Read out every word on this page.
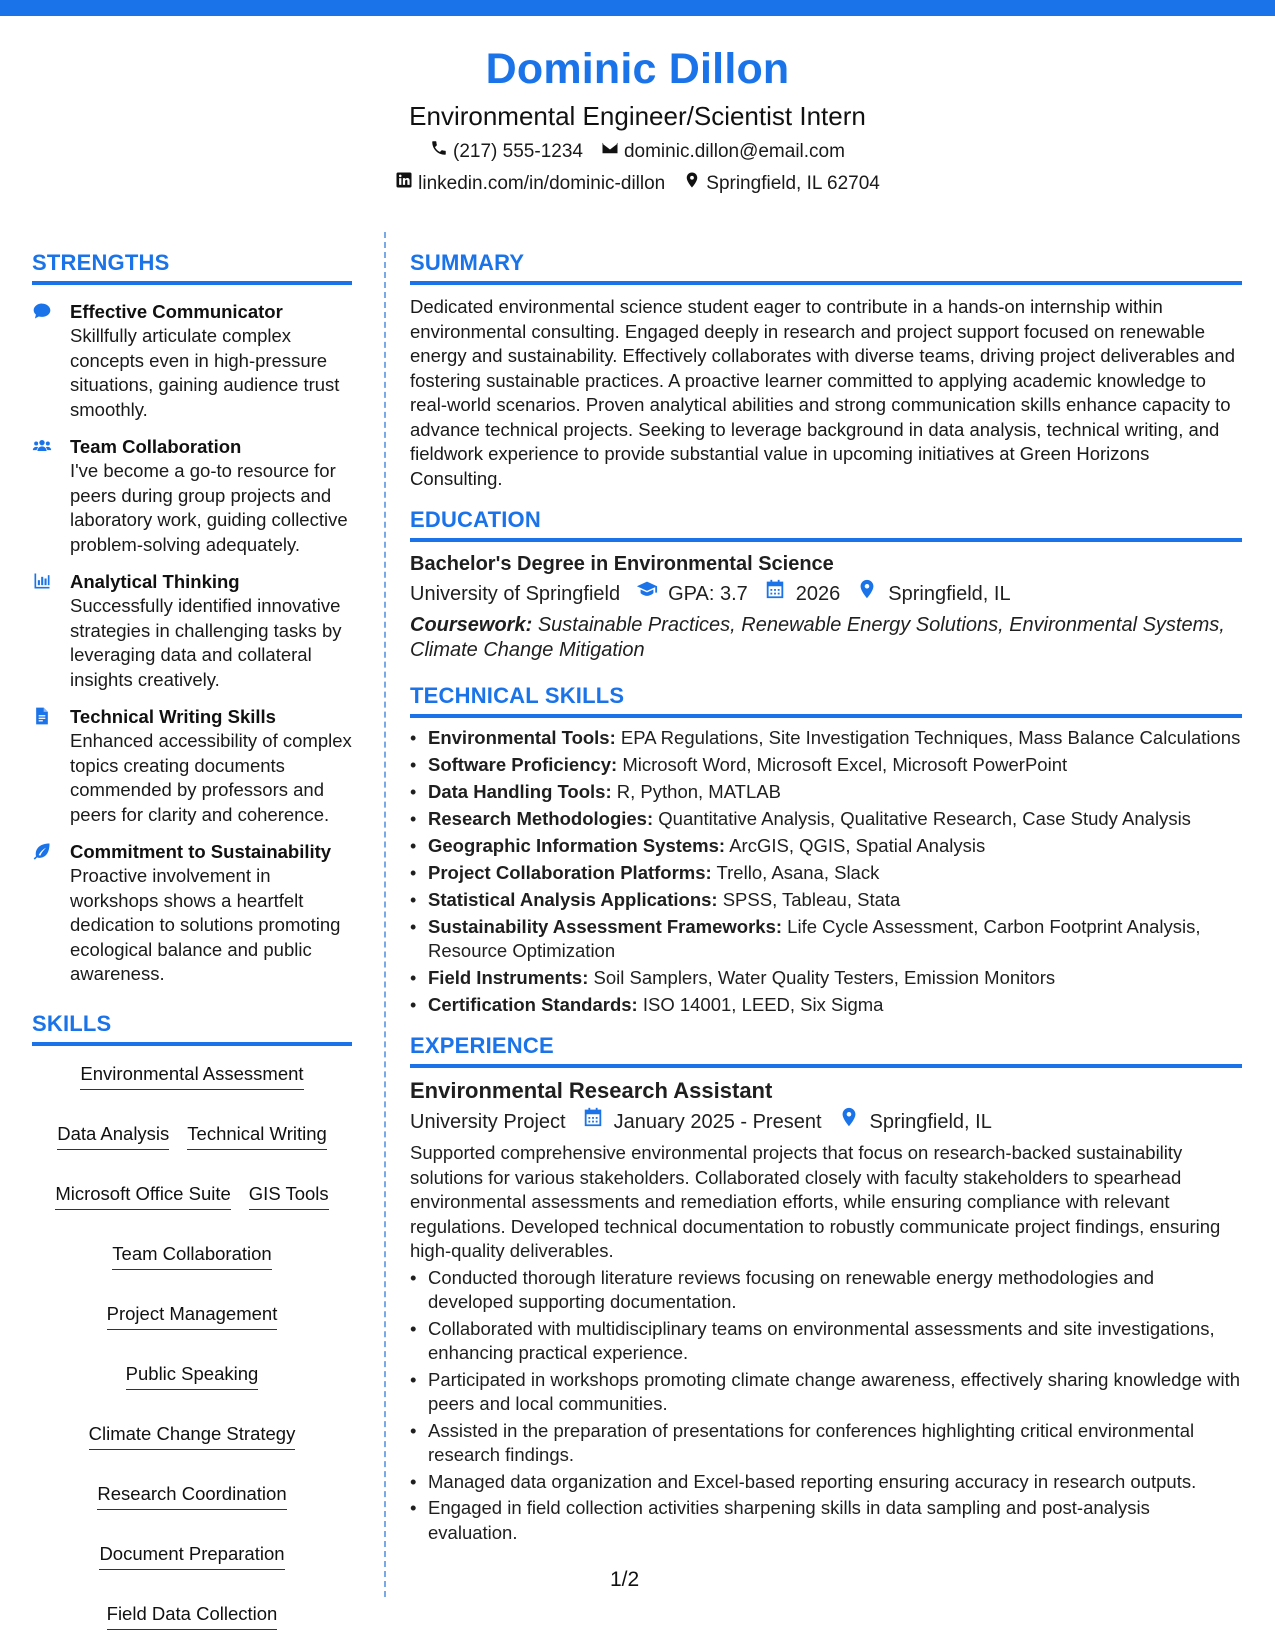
Dominic Dillon
Environmental Engineer/Scientist Intern
(217) 555-1234 dominic.dillon@email.com
linkedin.com/in/dominic-dillon Springfield, IL 62704
STRENGTHS
Effective Communicator
Skillfully articulate complex concepts even in high-pressure situations, gaining audience trust smoothly.
Team Collaboration
I've become a go-to resource for peers during group projects and laboratory work, guiding collective problem-solving adequately.
Analytical Thinking
Successfully identified innovative strategies in challenging tasks by leveraging data and collateral insights creatively.
Technical Writing Skills
Enhanced accessibility of complex topics creating documents commended by professors and peers for clarity and coherence.
Commitment to Sustainability
Proactive involvement in workshops shows a heartfelt dedication to solutions promoting ecological balance and public awareness.
SKILLS
Environmental Assessment
Data Analysis Technical Writing
Microsoft Office Suite GIS Tools
Team Collaboration
Project Management
Public Speaking
Climate Change Strategy
Research Coordination
Document Preparation
Field Data Collection
SUMMARY
Dedicated environmental science student eager to contribute in a hands-on internship within environmental consulting. Engaged deeply in research and project support focused on renewable energy and sustainability. Effectively collaborates with diverse teams, driving project deliverables and fostering sustainable practices. A proactive learner committed to applying academic knowledge to real-world scenarios. Proven analytical abilities and strong communication skills enhance capacity to advance technical projects. Seeking to leverage background in data analysis, technical writing, and fieldwork experience to provide substantial value in upcoming initiatives at Green Horizons Consulting.
EDUCATION
Bachelor's Degree in Environmental Science
University of Springfield GPA: 3.7 2026 Springfield, IL
Coursework: Sustainable Practices, Renewable Energy Solutions, Environmental Systems, Climate Change Mitigation
TECHNICAL SKILLS
• Environmental Tools: EPA Regulations, Site Investigation Techniques, Mass Balance Calculations
• Software Proficiency: Microsoft Word, Microsoft Excel, Microsoft PowerPoint
• Data Handling Tools: R, Python, MATLAB
• Research Methodologies: Quantitative Analysis, Qualitative Research, Case Study Analysis
• Geographic Information Systems: ArcGIS, QGIS, Spatial Analysis
• Project Collaboration Platforms: Trello, Asana, Slack
• Statistical Analysis Applications: SPSS, Tableau, Stata
• Sustainability Assessment Frameworks: Life Cycle Assessment, Carbon Footprint Analysis, Resource Optimization
• Field Instruments: Soil Samplers, Water Quality Testers, Emission Monitors
• Certification Standards: ISO 14001, LEED, Six Sigma
EXPERIENCE
Environmental Research Assistant
University Project January 2025 - Present Springfield, IL
Supported comprehensive environmental projects that focus on research-backed sustainability solutions for various stakeholders. Collaborated closely with faculty stakeholders to spearhead environmental assessments and remediation efforts, while ensuring compliance with relevant regulations. Developed technical documentation to robustly communicate project findings, ensuring high-quality deliverables.
• Conducted thorough literature reviews focusing on renewable energy methodologies and developed supporting documentation.
• Collaborated with multidisciplinary teams on environmental assessments and site investigations, enhancing practical experience.
• Participated in workshops promoting climate change awareness, effectively sharing knowledge with peers and local communities.
• Assisted in the preparation of presentations for conferences highlighting critical environmental research findings.
• Managed data organization and Excel-based reporting ensuring accuracy in research outputs.
• Engaged in field collection activities sharpening skills in data sampling and post-analysis evaluation.
1/2
